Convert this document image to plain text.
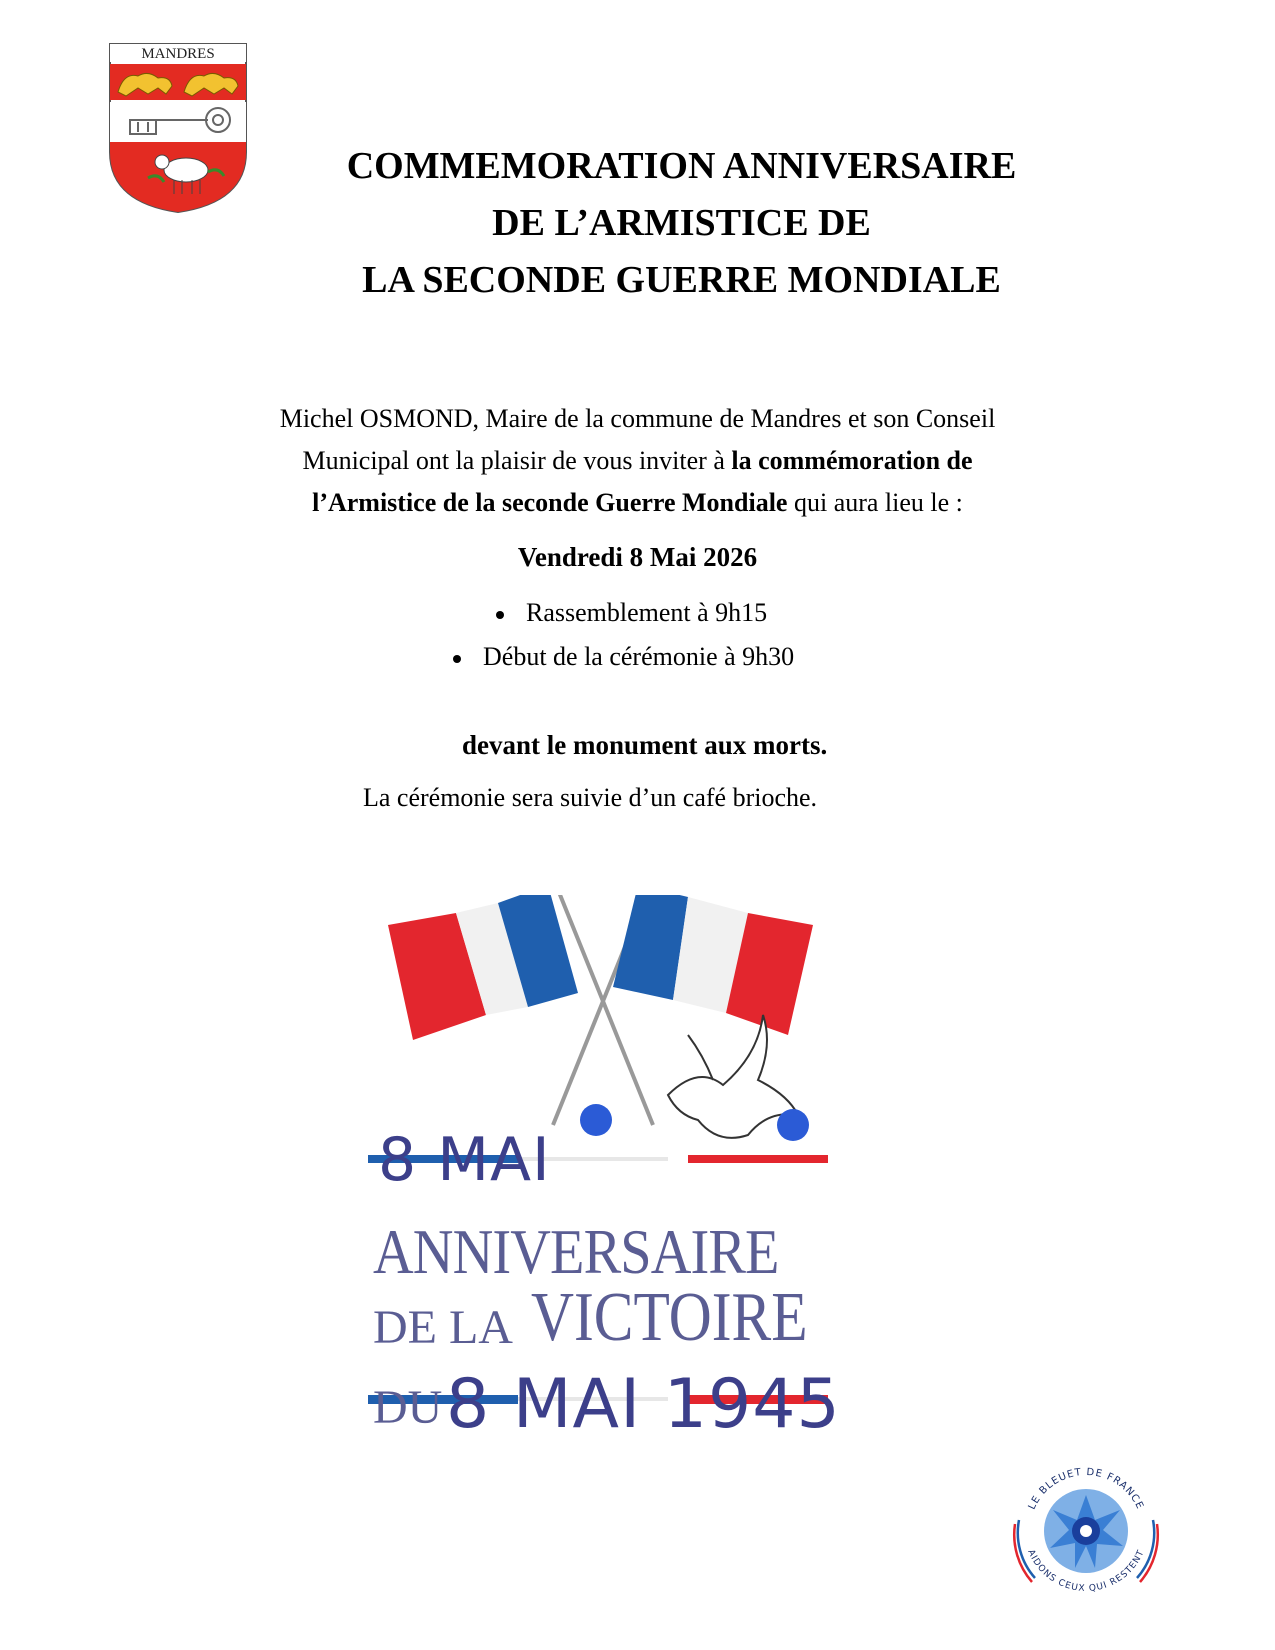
MANDRES
COMMEMORATION ANNIVERSAIRE
DE L’ARMISTICE DE
LA SECONDE GUERRE MONDIALE
Michel OSMOND, Maire de la commune de Mandres et son Conseil
Municipal ont la plaisir de vous inviter à la commémoration de
l’Armistice de la seconde Guerre Mondiale qui aura lieu le :
Vendredi 8 Mai 2026
Rassemblement à 9h15
Début de la cérémonie à 9h30
devant le monument aux morts.
La cérémonie sera suivie d’un café brioche.
8 MAI
ANNIVERSAIRE
DE LA VICTOIRE
DU 8 MAI 1945
LE BLEUET DE FRANCE
AIDONS CEUX QUI RESTENT
